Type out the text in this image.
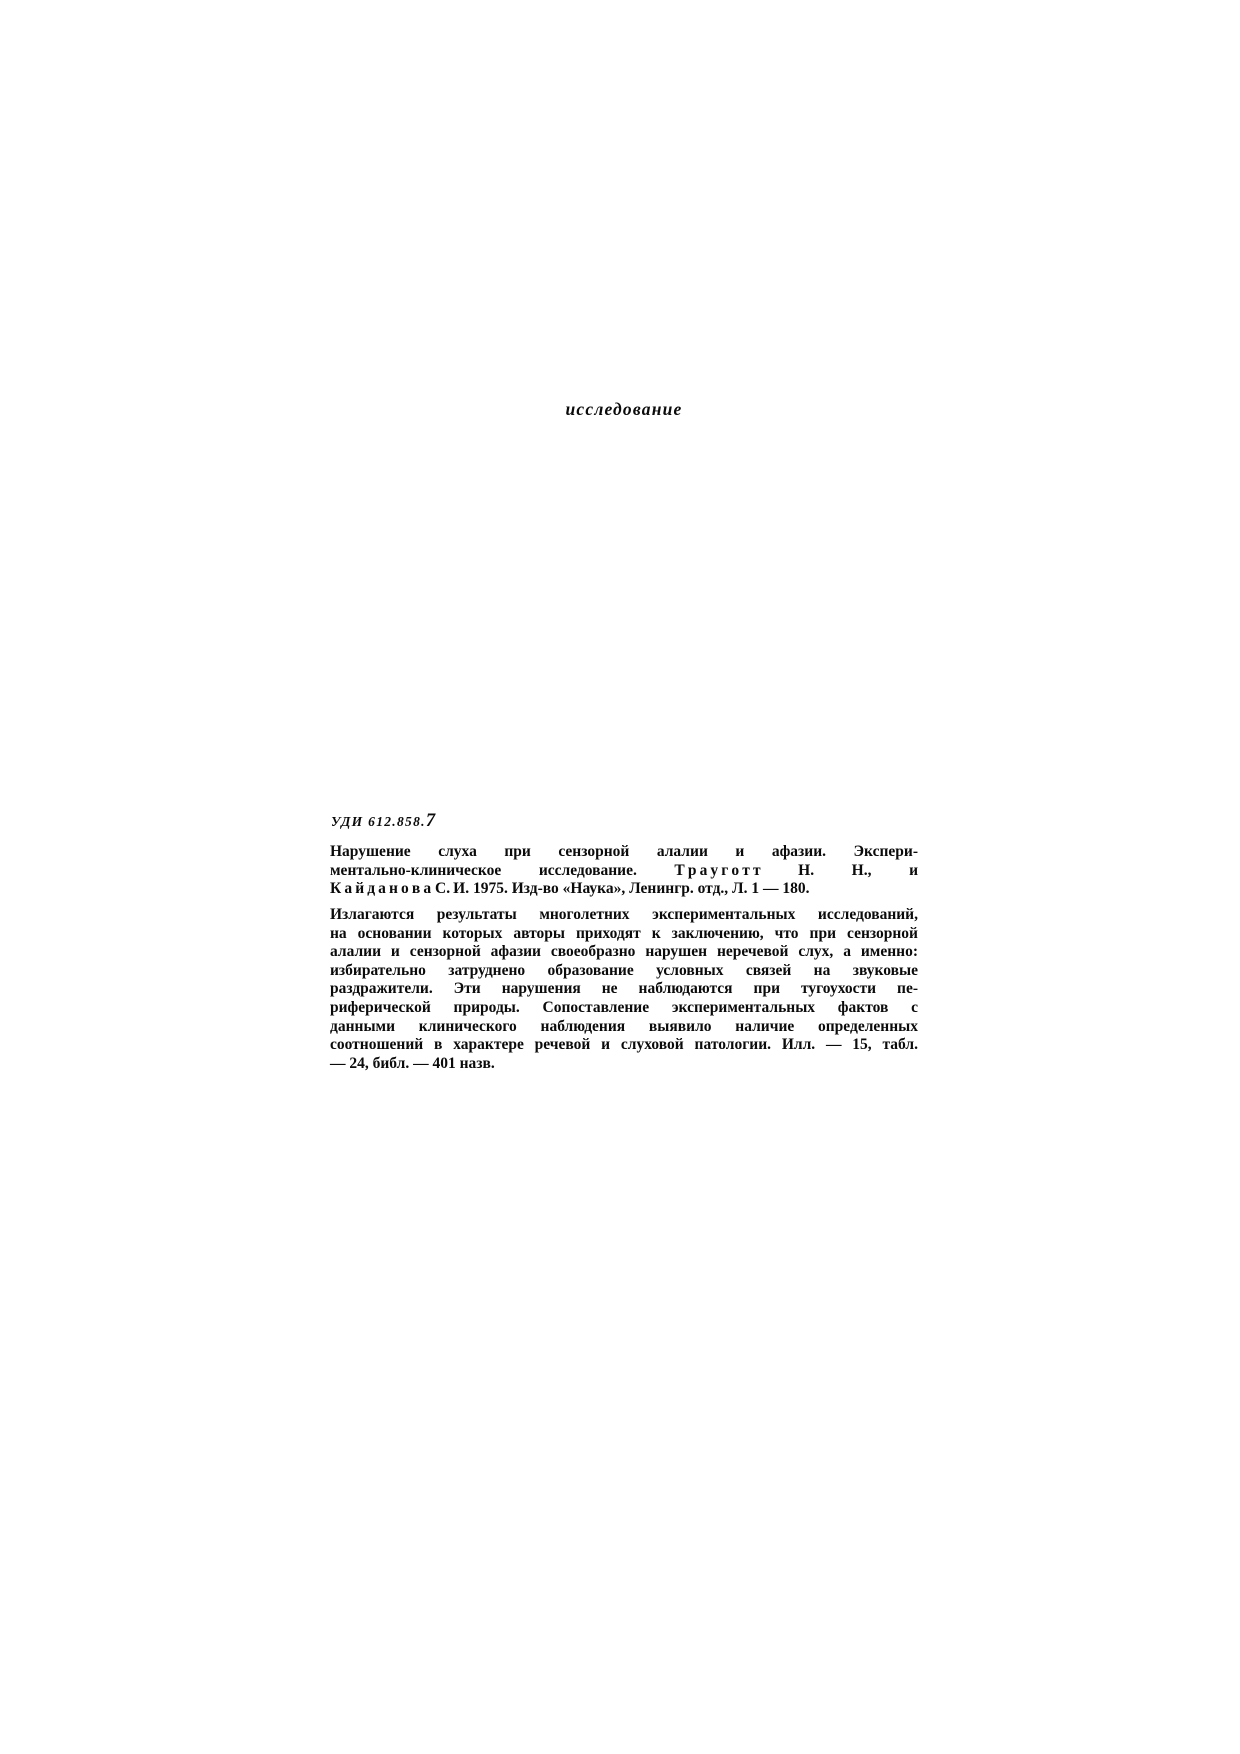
исследование
УДИ 612.858.7
Нарушение слуха при сензорной алалии и афазии. Экспери-
ментально-клиническое исследование. Т р а у г о т т Н. Н., и
К а й д а н о в а С. И. 1975. Изд-во «Наука», Ленингр. отд., Л. 1 — 180.
Излагаются результаты многолетних экспериментальных исследований,
на основании которых авторы приходят к заключению, что при сензорной
алалии и сензорной афазии своеобразно нарушен неречевой слух, а именно:
избирательно затруднено образование условных связей на звуковые
раздражители. Эти нарушения не наблюдаются при тугоухости пе-
риферической природы. Сопоставление экспериментальных фактов с
данными клинического наблюдения выявило наличие определенных
соотношений в характере речевой и слуховой патологии. Илл. — 15, табл.
— 24, библ. — 401 назв.
